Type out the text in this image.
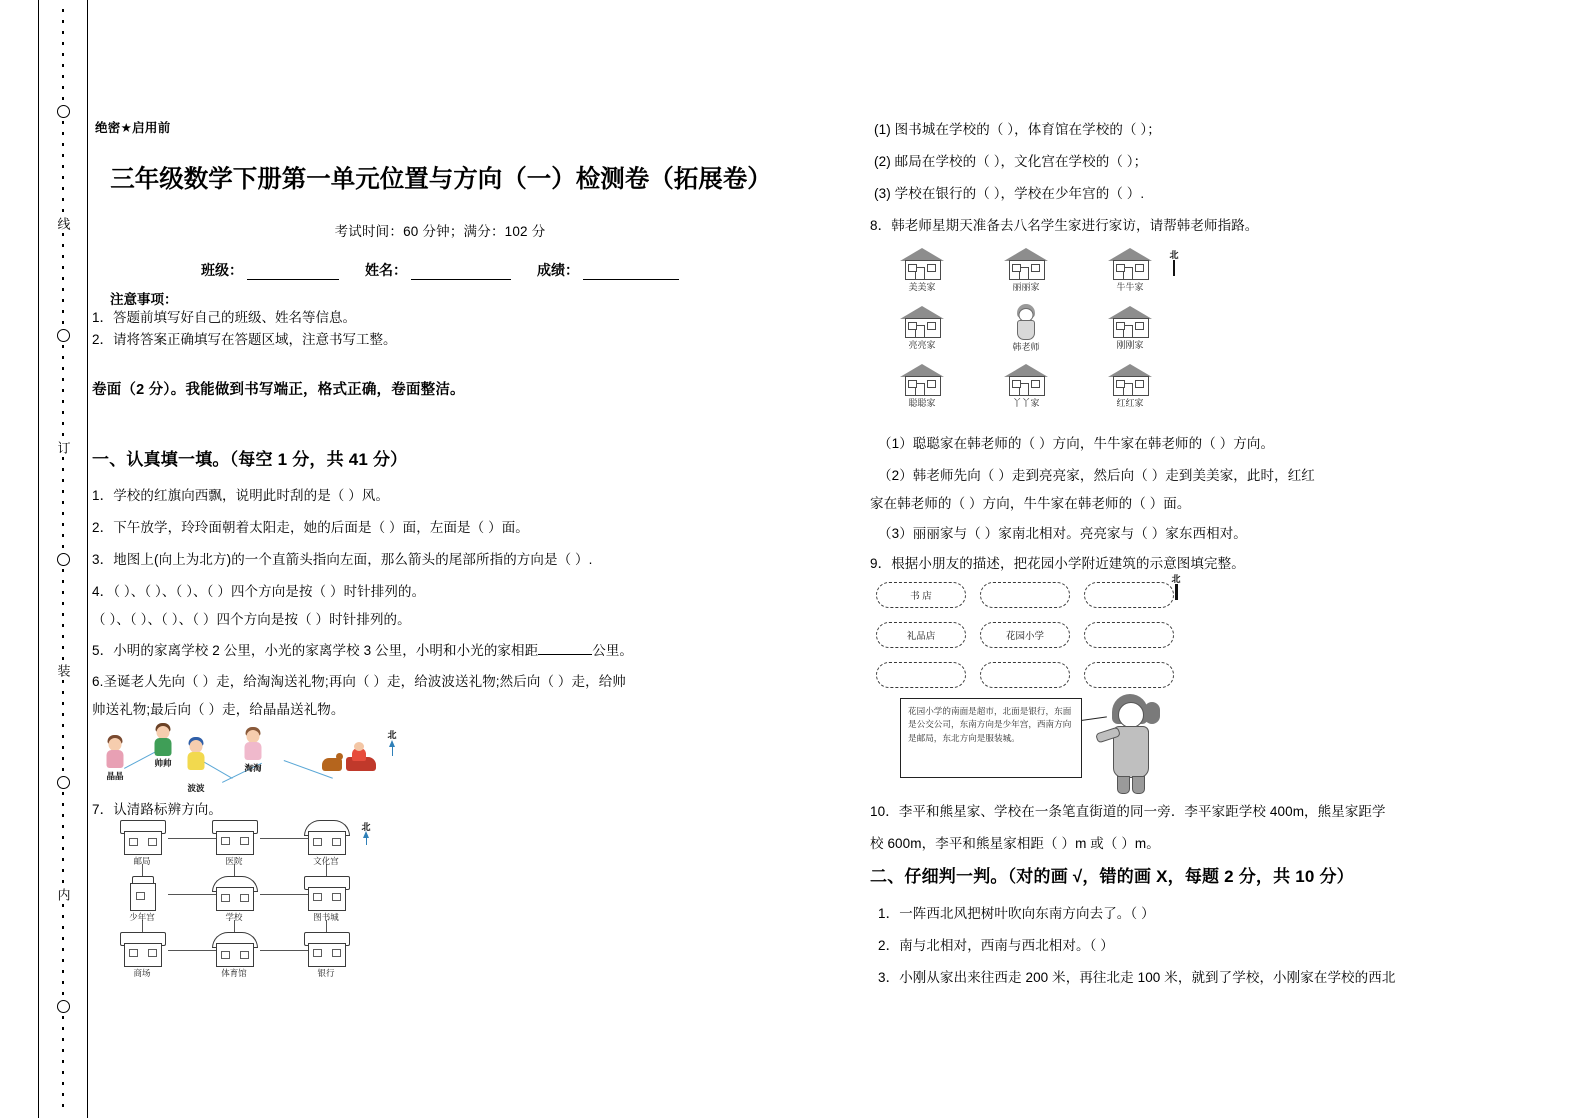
线
订
装
内
绝密★启用前
三年级数学下册第一单元位置与方向（一）检测卷（拓展卷）
考试时间：60 分钟；满分：102 分
班级：	姓名：	成绩：
注意事项：
1．答题前填写好自己的班级、姓名等信息。
2．请将答案正确填写在答题区域，注意书写工整。
卷面（2 分）。我能做到书写端正，格式正确，卷面整洁。
一、认真填一填。（每空 1 分，共 41 分）
1．学校的红旗向西飘，说明此时刮的是（ ）风。
2．下午放学，玲玲面朝着太阳走，她的后面是（ ）面，左面是（ ）面。
3．地图上(向上为北方)的一个直箭头指向左面，那么箭头的尾部所指的方向是（ ）.
4．（ ）、（ ）、（ ）、（ ）四个方向是按（ ）时针排列的。
（ ）、（ ）、（ ）、（ ）四个方向是按（ ）时针排列的。
5．小明的家离学校 2 公里，小光的家离学校 3 公里，小明和小光的家相距	公里。
6.圣诞老人先向（ ）走，给淘淘送礼物;再向（ ）走，给波波送礼物;然后向（ ）走，给帅
帅送礼物;最后向（ ）走，给晶晶送礼物。
晶晶
帅帅
波波
淘淘
北
7．认清路标辨方向。
邮局	医院	文化宫
少年宫	学校	图书城
商场	体育馆	银行
北
(1) 图书城在学校的（ ），体育馆在学校的（ ）；
(2) 邮局在学校的（ ），文化宫在学校的（ ）；
(3) 学校在银行的（ ），学校在少年宫的（ ）.
8．韩老师星期天准备去八名学生家进行家访，请帮韩老师指路。
美美家	丽丽家	牛牛家
亮亮家	韩老师	刚刚家
聪聪家	丫丫家	红红家
北
（1）聪聪家在韩老师的（ ）方向，牛牛家在韩老师的（ ）方向。
（2）韩老师先向（ ）走到亮亮家，然后向（ ）走到美美家，此时，红红
家在韩老师的（ ）方向，牛牛家在韩老师的（ ）面。
（3）丽丽家与（ ）家南北相对。亮亮家与（ ）家东西相对。
9．根据小朋友的描述，把花园小学附近建筑的示意图填完整。
书 店
礼品店	花园小学
北
花园小学的南面是超市，北面是银行，东面是公交公司，东南方向是少年宫，西南方向是邮局，东北方向是服装城。
10．李平和熊星家、学校在一条笔直街道的同一旁．李平家距学校 400m，熊星家距学
校 600m，李平和熊星家相距（ ）m 或（ ）m。
二、仔细判一判。（对的画 √，错的画 X，每题 2 分，共 10 分）
1．一阵西北风把树叶吹向东南方向去了。（ ）
2．南与北相对，西南与西北相对。（ ）
3．小刚从家出来往西走 200 米，再往北走 100 米，就到了学校，小刚家在学校的西北
